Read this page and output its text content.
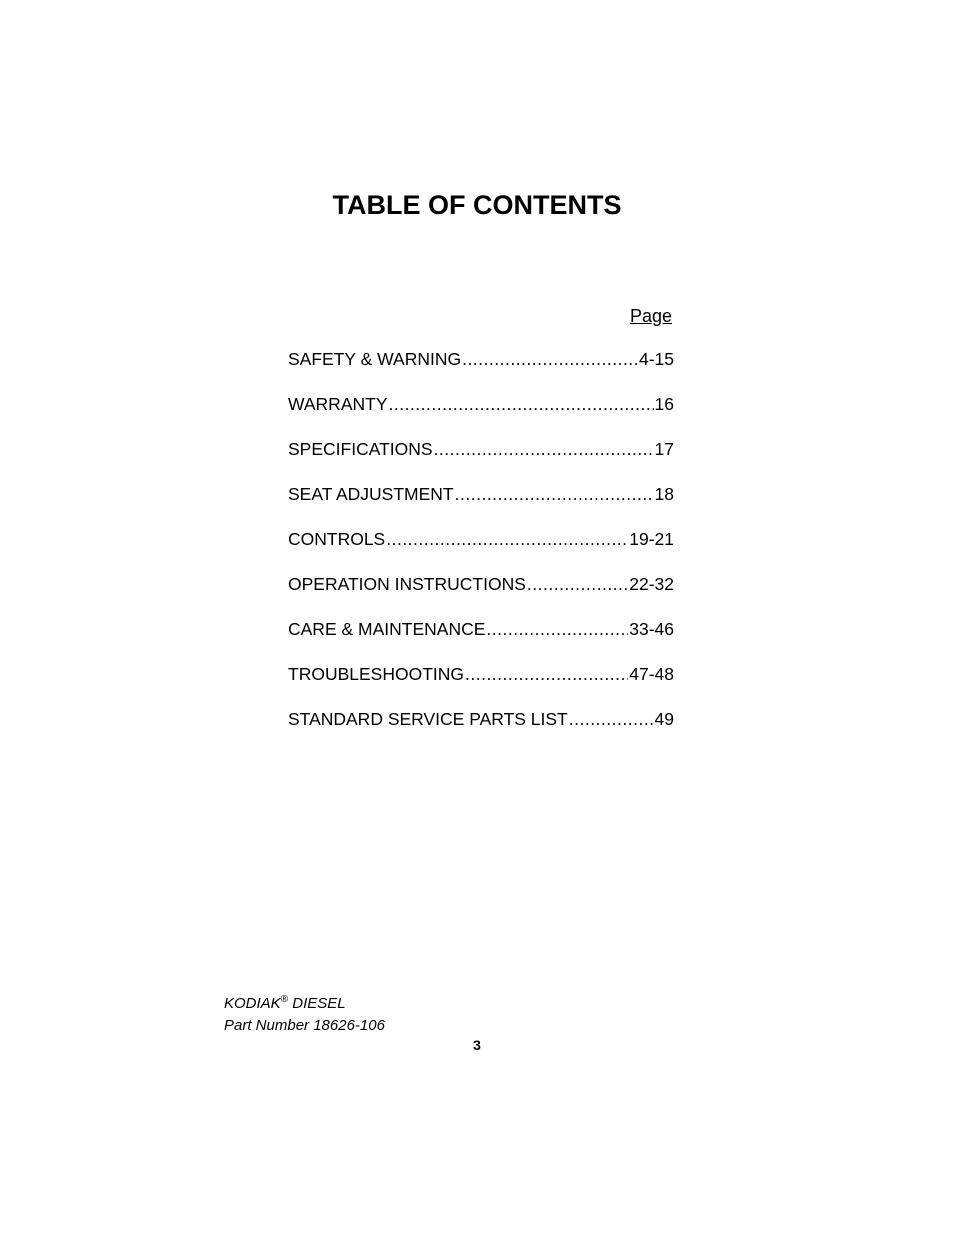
TABLE OF CONTENTS
Page
SAFETY & WARNING .....	4-15
WARRANTY .....	16
SPECIFICATIONS .....	17
SEAT ADJUSTMENT .....	18
CONTROLS .....	19-21
OPERATION INSTRUCTIONS .....	22-32
CARE & MAINTENANCE .....	33-46
TROUBLESHOOTING .....	47-48
STANDARD SERVICE PARTS LIST .....	49
KODIAK® DIESEL
Part Number 18626-106
3
